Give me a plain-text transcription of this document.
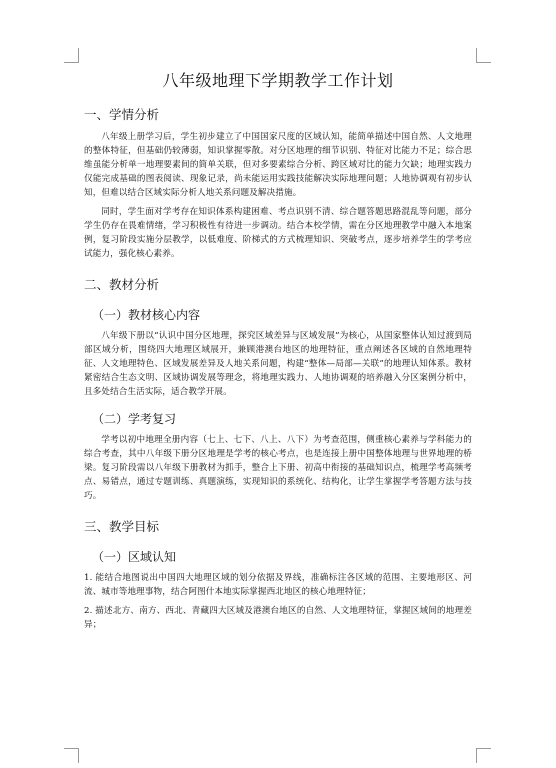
八年级地理下学期教学工作计划
一、学情分析
八年级上册学习后，学生初步建立了中国国家尺度的区域认知，能简单描述中国自然、人文地理的整体特征，但基础仍较薄弱，知识掌握零散。对分区地理的细节识别、特征对比能力不足；综合思维虽能分析单一地理要素间的简单关联，但对多要素综合分析、跨区域对比的能力欠缺；地理实践力仅能完成基础的图表阅读、现象记录，尚未能运用实践技能解决实际地理问题；人地协调观有初步认知，但难以结合区域实际分析人地关系问题及解决措施。
同时，学生面对学考存在知识体系构建困难、考点识别不清、综合题答题思路混乱等问题，部分学生仍存在畏难情绪，学习积极性有待进一步调动。结合本校学情，需在分区地理教学中融入本地案例，复习阶段实施分层教学，以低难度、阶梯式的方式梳理知识、突破考点，逐步培养学生的学考应试能力，强化核心素养。
二、教材分析
（一）教材核心内容
八年级下册以“认识中国分区地理，探究区域差异与区域发展”为核心，从国家整体认知过渡到局部区域分析，围绕四大地理区域展开，兼顾港澳台地区的地理特征，重点阐述各区域的自然地理特征、人文地理特色、区域发展差异及人地关系问题，构建“整体—局部—关联”的地理认知体系。教材紧密结合生态文明、区域协调发展等理念，将地理实践力、人地协调观的培养融入分区案例分析中，且多处结合生活实际，适合教学开展。
（二）学考复习
学考以初中地理全册内容（七上、七下、八上、八下）为考查范围，侧重核心素养与学科能力的综合考查，其中八年级下册分区地理是学考的核心考点，也是连接上册中国整体地理与世界地理的桥梁。复习阶段需以八年级下册教材为抓手，整合上下册、初高中衔接的基础知识点，梳理学考高频考点、易错点，通过专题训练、真题演练，实现知识的系统化、结构化，让学生掌握学考答题方法与技巧。
三、教学目标
（一）区域认知
1. 能结合地图说出中国四大地理区域的划分依据及界线，准确标注各区域的范围、主要地形区、河流、城市等地理事物，结合阿图什本地实际掌握西北地区的核心地理特征；
2. 描述北方、南方、西北、青藏四大区域及港澳台地区的自然、人文地理特征，掌握区域间的地理差异；
